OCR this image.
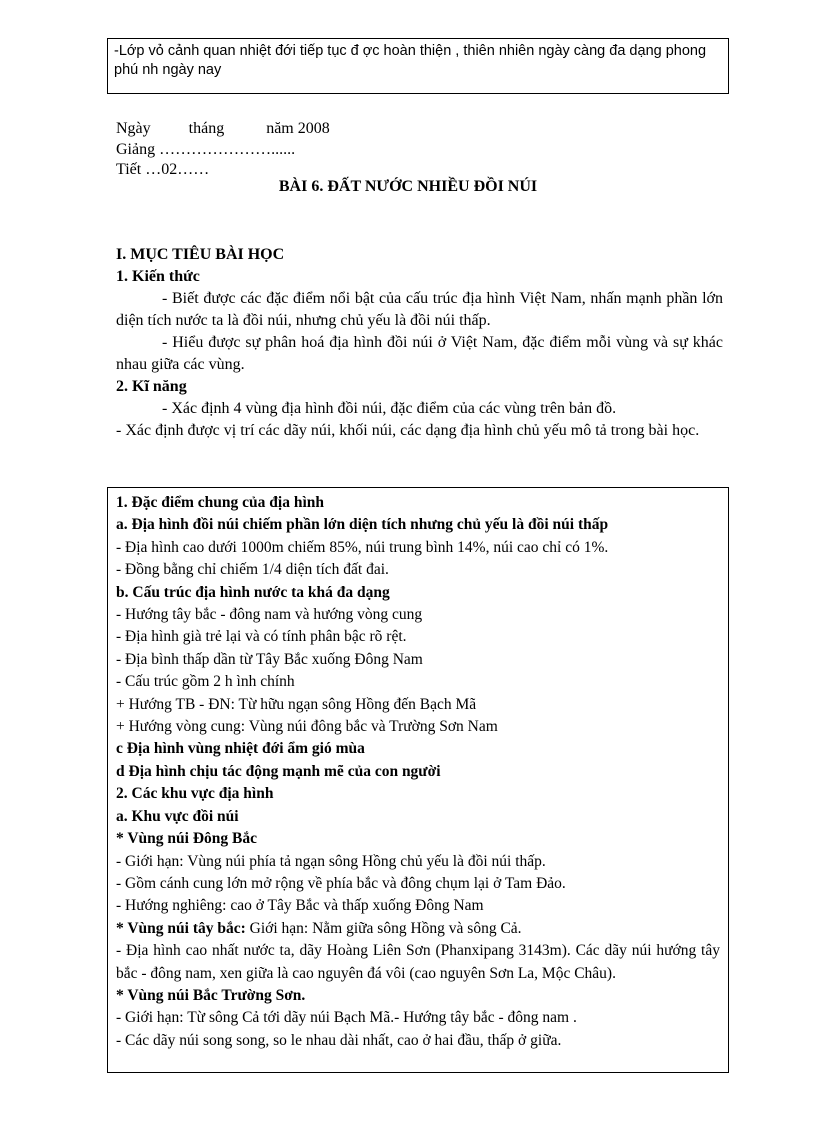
-Lớp vỏ cảnh quan nhiệt đới tiếp tục đ ợc hoàn thiện , thiên nhiên ngày càng đa dạng phong

phú nh ngày nay

Ngày tháng	năm 2008
Giảng …………………......
Tiết …02……
BÀI 6. ĐẤT NƯỚC NHIỀU ĐỒI NÚI

I. MỤC TIÊU BÀI HỌC

1. Kiến thức

- Biết được các đặc điểm nổi bật của cấu trúc địa hình Việt Nam, nhấn mạnh phần lớn diện tích nước ta là đồi núi, nhưng chủ yếu là đồi núi thấp.

- Hiểu được sự phân hoá địa hình đồi núi ở Việt Nam, đặc điểm mỗi vùng và sự khác nhau giữa các vùng.

2. Kĩ năng

- Xác định 4 vùng địa hình đồi núi, đặc điểm của các vùng trên bản đồ.

- Xác định được vị trí các dãy núi, khối núi, các dạng địa hình chủ yếu mô tả trong bài học.

1. Đặc điểm chung của địa hình

a. Địa hình đồi núi chiếm phần lớn diện tích nhưng chủ yếu là đồi núi thấp

- Địa hình cao dưới 1000m chiếm 85%, núi trung bình 14%, núi cao chỉ có 1%.

- Đồng bằng chỉ chiếm 1/4 diện tích đất đai.

b. Cấu trúc địa hình nước ta khá đa dạng

- Hướng tây bắc - đông nam và hướng vòng cung

- Địa hình già trẻ lại và có tính phân bậc rõ rệt.

- Địa bình thấp dần từ Tây Bắc xuống Đông Nam

- Cấu trúc gồm 2 h ình chính

+ Hướng TB - ĐN: Từ hữu ngạn sông Hồng đến Bạch Mã

+ Hướng vòng cung: Vùng núi đông bắc và Trường Sơn Nam

c Địa hình vùng nhiệt đới ẩm gió mùa

d Địa hình chịu tác động mạnh mẽ của con người

2. Các khu vực địa hình

a. Khu vực đồi núi

* Vùng núi Đông Bắc

- Giới hạn: Vùng núi phía tả ngạn sông Hồng chủ yếu là đồi núi thấp.

- Gồm cánh cung lớn mở rộng về phía bắc và đông chụm lại ở Tam Đảo.

- Hướng nghiêng: cao ở Tây Bắc và thấp xuống Đông Nam

* Vùng núi tây bắc: Giới hạn: Nằm giữa sông Hồng và sông Cả.

- Địa hình cao nhất nước ta, dãy Hoàng Liên Sơn (Phanxipang 3143m). Các dãy núi hướng tây bắc - đông nam, xen giữa là cao nguyên đá vôi (cao nguyên Sơn La, Mộc Châu).

* Vùng núi Bắc Trường Sơn.

- Giới hạn: Từ sông Cả tới dãy núi Bạch Mã.- Hướng tây bắc - đông nam .

- Các dãy núi song song, so le nhau dài nhất, cao ở hai đầu, thấp ở giữa.
